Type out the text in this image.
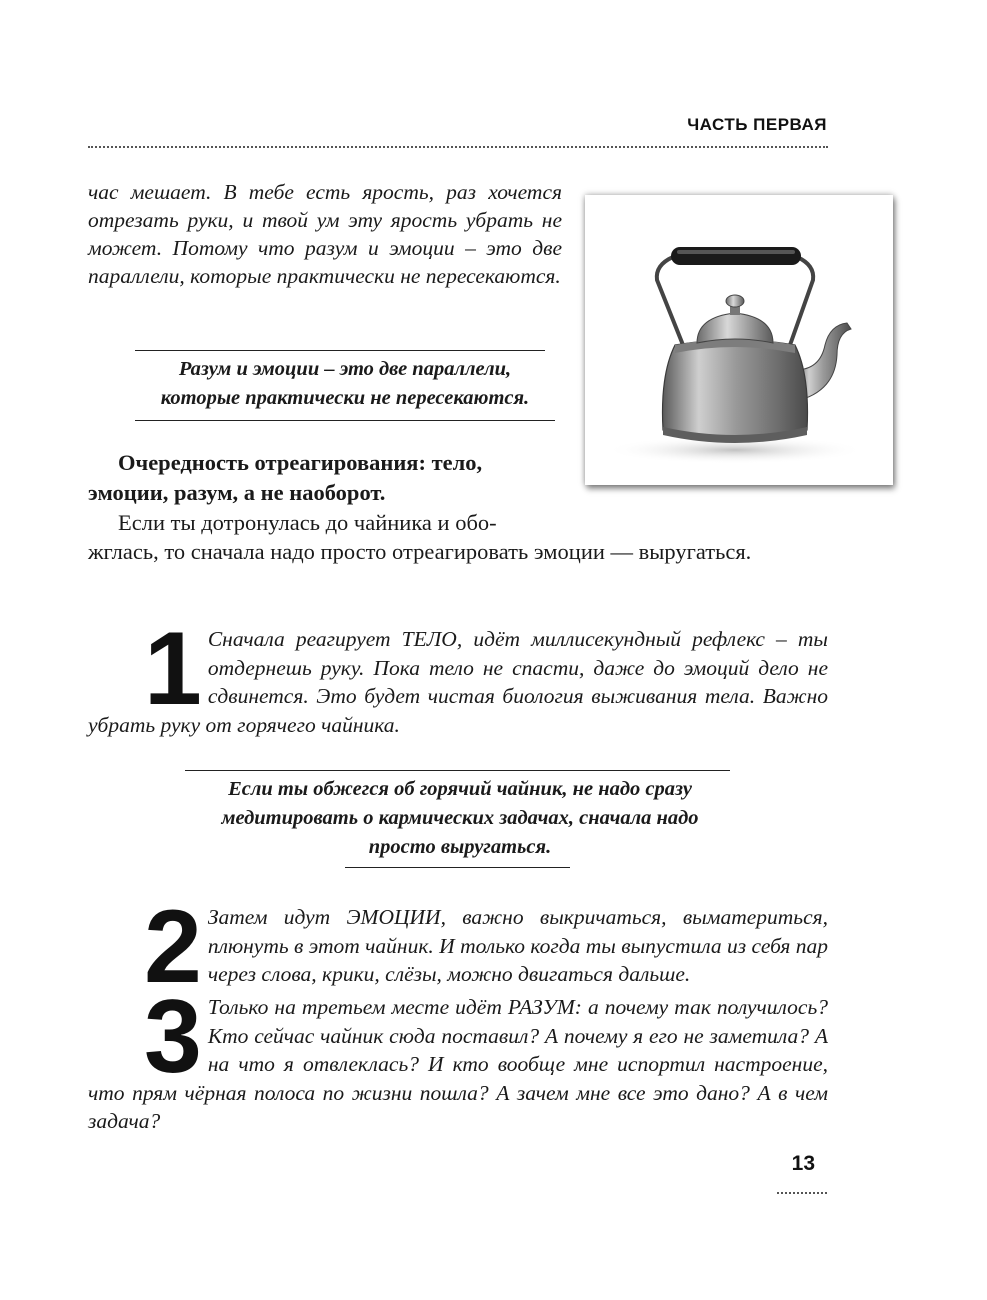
ЧАСТЬ ПЕРВАЯ

час мешает. В тебе есть ярость, раз хочется отрезать руки, и твой ум эту ярость убрать не может. Потому что разум и эмоции – это две параллели, которые практически не пересекаются.

Разум и эмоции – это две параллели,
которые практически не пересекаются.

Очередность отреагирования: тело, эмоции, разум, а не наоборот.

Если ты дотронулась до чайника и обо-

жглась, то сначала надо просто отреагировать эмоции — выругаться.

1 Сначала реагирует ТЕЛО, идёт миллисекундный рефлекс – ты отдернешь руку. Пока тело не спасти, даже до эмоций дело не сдвинется. Это будет чистая биология выживания тела. Важно убрать руку от горячего чайника.
Если ты обжегся об горячий чайник, не надо сразу
медитировать о кармических задачах, сначала надо
просто выругаться.
2 Затем идут ЭМОЦИИ, важно выкричаться, выматериться, плюнуть в этот чайник. И только когда ты выпустила из себя пар через слова, крики, слёзы, можно двигаться дальше.
3 Только на третьем месте идёт РАЗУМ: а почему так получилось? Кто сейчас чайник сюда поставил? А почему я его не заметила? А на что я отвлеклась? И кто вообще мне испортил настроение, что прям чёрная полоса по жизни пошла? А зачем мне все это дано? А в чем задача?
13
